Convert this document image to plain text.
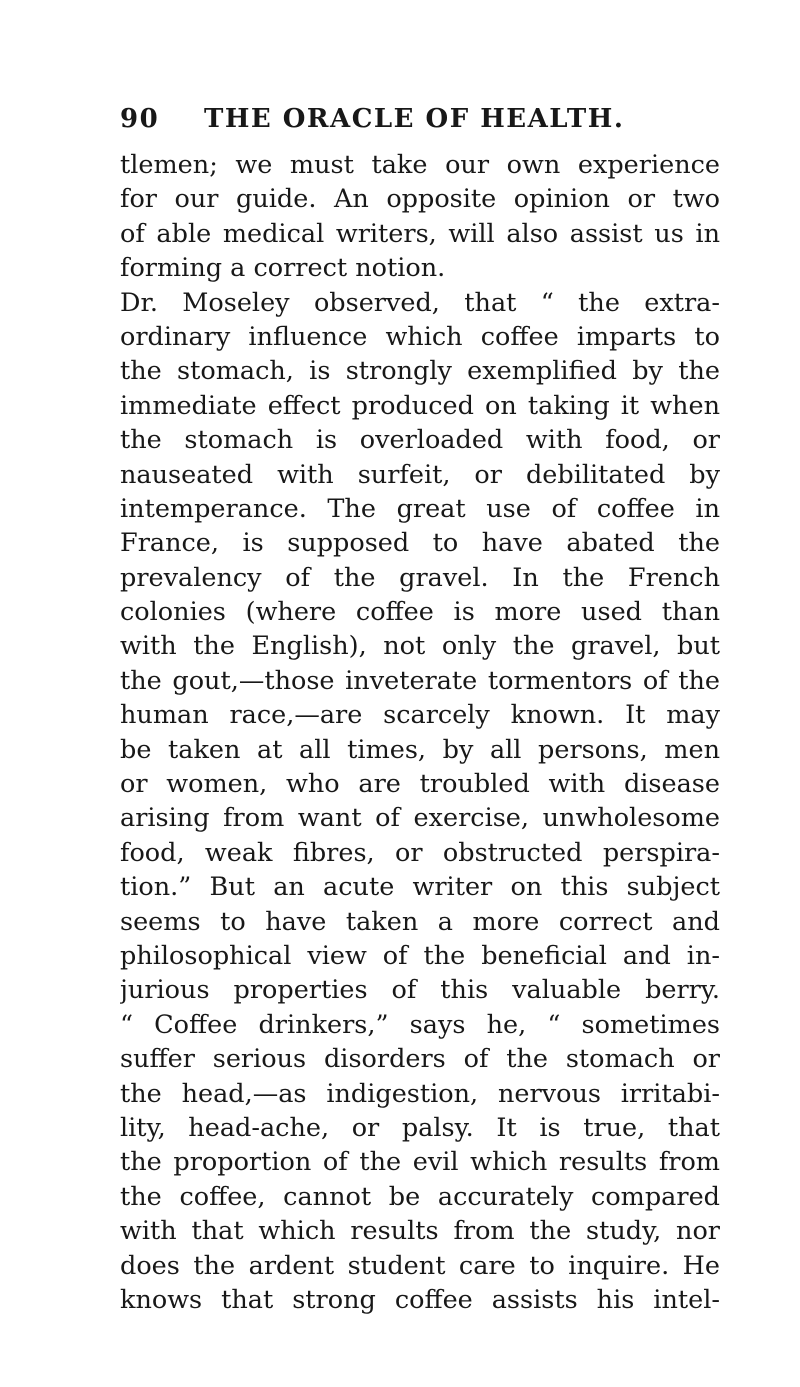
90 THE ORACLE OF HEALTH.
tlemen; we must take our own experience
for our guide. An opposite opinion or two
of able medical writers, will also assist us in
forming a correct notion.
Dr. Moseley observed, that “ the extra-
ordinary influence which coffee imparts to
the stomach, is strongly exemplified by the
immediate effect produced on taking it when
the stomach is overloaded with food, or
nauseated with surfeit, or debilitated by
intemperance. The great use of coffee in
France, is supposed to have abated the
prevalency of the gravel. In the French
colonies (where coffee is more used than
with the English), not only the gravel, but
the gout,—those inveterate tormentors of the
human race,—are scarcely known. It may
be taken at all times, by all persons, men
or women, who are troubled with disease
arising from want of exercise, unwholesome
food, weak fibres, or obstructed perspira-
tion.” But an acute writer on this subject
seems to have taken a more correct and
philosophical view of the beneficial and in-
jurious properties of this valuable berry.
“ Coffee drinkers,” says he, “ sometimes
suffer serious disorders of the stomach or
the head,—as indigestion, nervous irritabi-
lity, head-ache, or palsy. It is true, that
the proportion of the evil which results from
the coffee, cannot be accurately compared
with that which results from the study, nor
does the ardent student care to inquire. He
knows that strong coffee assists his intel-
